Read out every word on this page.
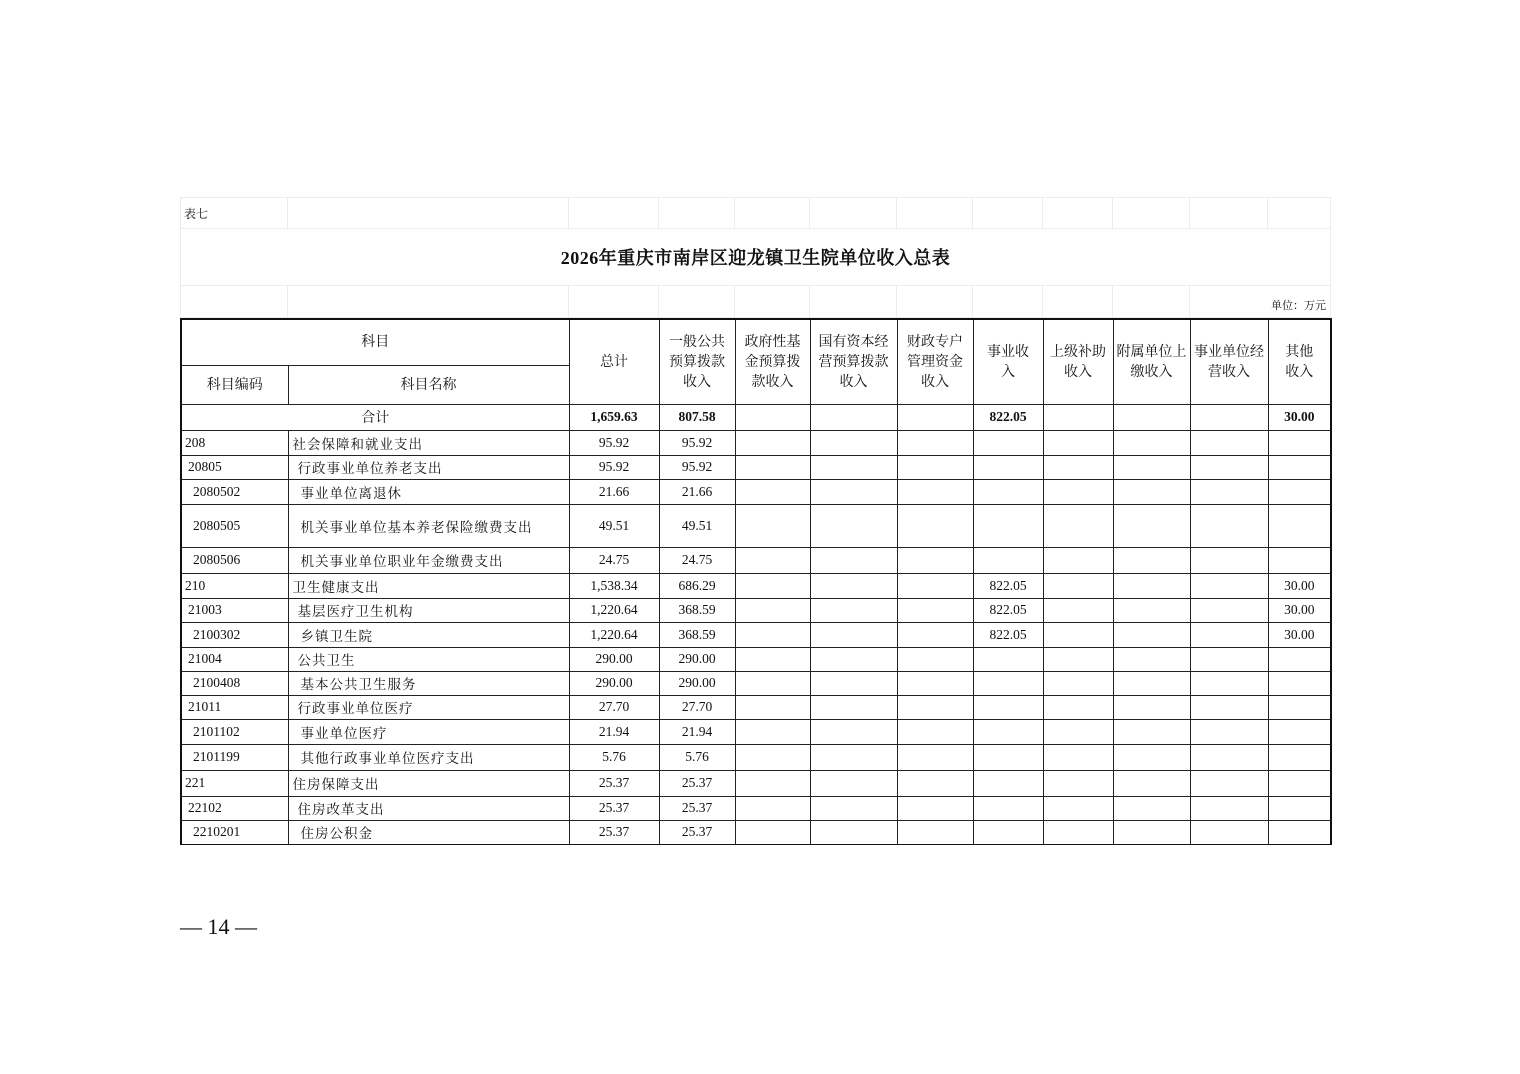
表七											
2026年重庆市南岸区迎龙镇卫生院单位收入总表											
										单位：万元	
科目		总计	一般公共预算拨款收入	政府性基金预算拨款收入	国有资本经营预算拨款收入	财政专户管理资金收入	事业收入	上级补助收入	附属单位上缴收入	事业单位经营收入	其他收入
科目编码	科目名称										
合计		1,659.63	807.58				822.05				30.00
208	社会保障和就业支出	95.92	95.92								
20805	行政事业单位养老支出	95.92	95.92								
2080502	事业单位离退休	21.66	21.66								
2080505	机关事业单位基本养老保险缴费支出	49.51	49.51								
2080506	机关事业单位职业年金缴费支出	24.75	24.75								
210	卫生健康支出	1,538.34	686.29				822.05				30.00
21003	基层医疗卫生机构	1,220.64	368.59				822.05				30.00
2100302	乡镇卫生院	1,220.64	368.59				822.05				30.00
21004	公共卫生	290.00	290.00								
2100408	基本公共卫生服务	290.00	290.00								
21011	行政事业单位医疗	27.70	27.70								
2101102	事业单位医疗	21.94	21.94								
2101199	其他行政事业单位医疗支出	5.76	5.76								
221	住房保障支出	25.37	25.37								
22102	住房改革支出	25.37	25.37								
2210201	住房公积金	25.37	25.37								
— 14 —
